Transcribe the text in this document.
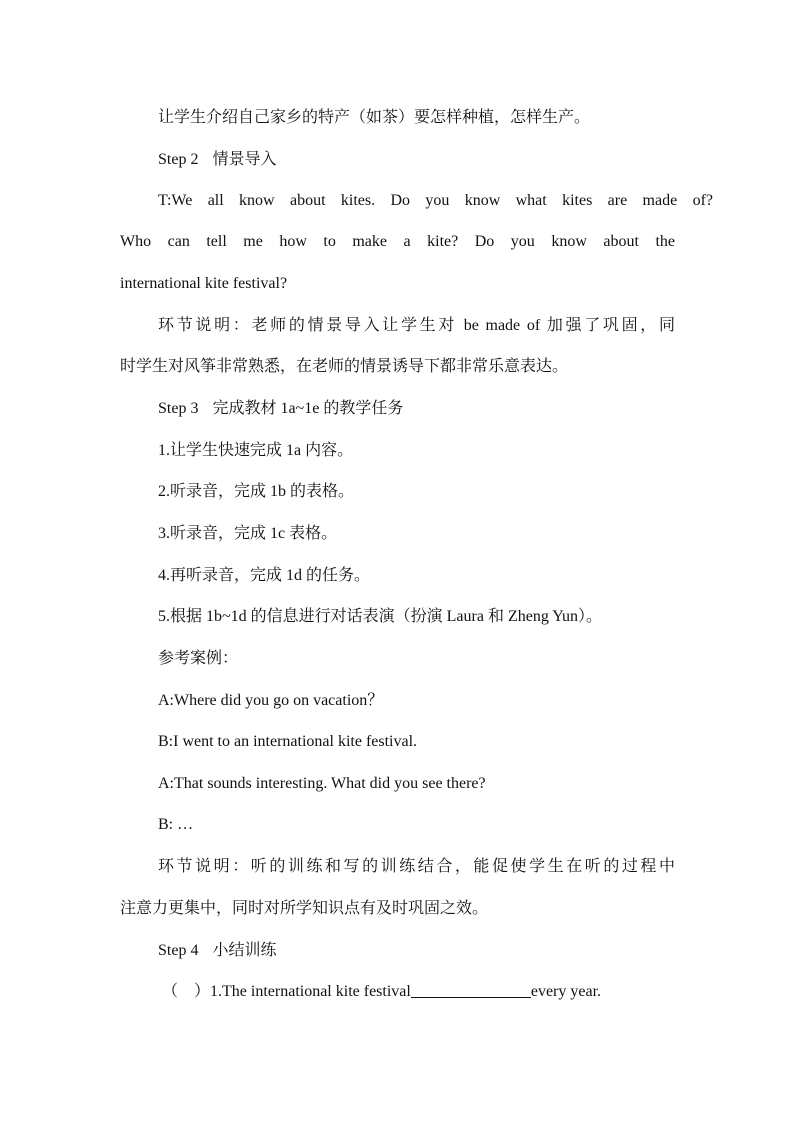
让学生介绍自己家乡的特产（如茶）要怎样种植，怎样生产。

Step 2 情景导入

T:We all know about kites. Do you know what kites are made of?

Who can tell me how to make a kite? Do you know about the

international kite festival?

环节说明：老师的情景导入让学生对 be made of 加强了巩固，同

时学生对风筝非常熟悉，在老师的情景诱导下都非常乐意表达。

Step 3 完成教材 1a~1e 的教学任务

1.让学生快速完成 1a 内容。

2.听录音，完成 1b 的表格。

3.听录音，完成 1c 表格。

4.再听录音，完成 1d 的任务。

5.根据 1b~1d 的信息进行对话表演（扮演 Laura 和 Zheng Yun）。

参考案例：

A:Where did you go on vacation？

B:I went to an international kite festival.

A:That sounds interesting. What did you see there?

B: …

环节说明：听的训练和写的训练结合，能促使学生在听的过程中

注意力更集中，同时对所学知识点有及时巩固之效。

Step 4 小结训练

（　）1.The international kite festival	every year.
